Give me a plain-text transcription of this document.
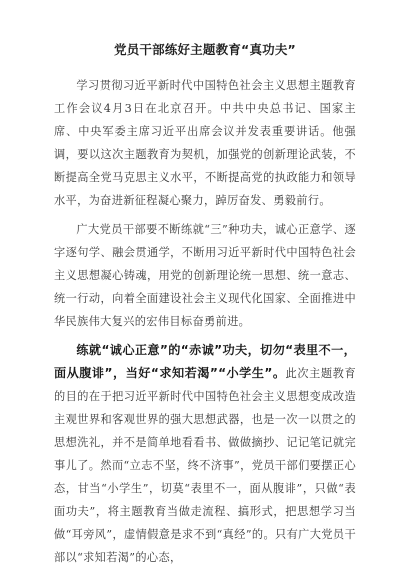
党员干部练好主题教育“真功夫”

学习贯彻习近平新时代中国特色社会主义思想主题教育工作会议4月3日在北京召开。中共中央总书记、国家主席、中央军委主席习近平出席会议并发表重要讲话。他强调，要以这次主题教育为契机，加强党的创新理论武装，不断提高全党马克思主义水平，不断提高党的执政能力和领导水平，为奋进新征程凝心聚力，踔厉奋发、勇毅前行。

广大党员干部要不断练就“三”种功夫，诚心正意学、逐字逐句学、融会贯通学，不断用习近平新时代中国特色社会主义思想凝心铸魂，用党的创新理论统一思想、统一意志、统一行动，向着全面建设社会主义现代化国家、全面推进中华民族伟大复兴的宏伟目标奋勇前进。

练就“诚心正意”的“赤诚”功夫，切勿“表里不一，面从腹诽”，当好“求知若渴”“小学生”。此次主题教育的目的在于把习近平新时代中国特色社会主义思想变成改造主观世界和客观世界的强大思想武器，也是一次一以贯之的思想洗礼，并不是简单地看看书、做做摘抄、记记笔记就完事儿了。然而“立志不坚，终不济事”，党员干部们要摆正心态，甘当“小学生”，切莫“表里不一，面从腹诽”，只做“表面功夫”，将主题教育当做走流程、搞形式，把思想学习当做“耳旁风”，虚情假意是求不到“真经”的。只有广大党员干部以“求知若渴”的心态，
